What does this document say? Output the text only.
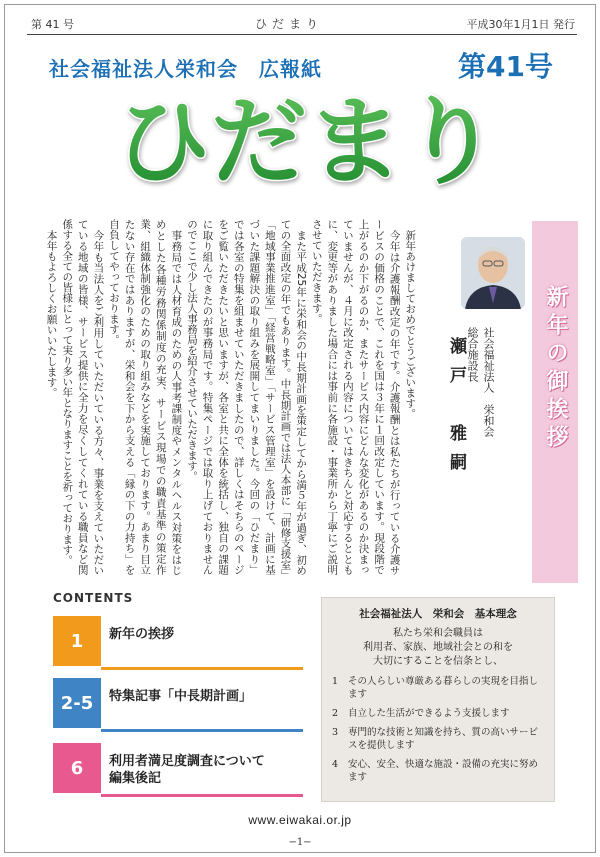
第 41 号	ひだまり	平成30年1月1日 発行
社会福祉法人栄和会　広報紙	第41号
ひだまり

新年あけましておめでとうございます。

今年は介護報酬改定の年です。介護報酬とは私たちが行っている介護サービスの価格のことで、これを国は３年に１回改定しています。現段階で上がるのか下がるのか、またサービス内容にどんな変化があるのか決まっていませんが、４月に改定される内容についてはきちんと対応するとともに、変更等がありました場合には事前に各施設・事業所から丁寧にご説明させていただきます。

また平成25年に栄和会の中長期計画を策定してから満５年が過ぎ、初めての全面改定の年でもあります。中長期計画では法人本部に「研修支援室」「地域事業推進室」「経営戦略室」「サービス管理室」を設けて、計画に基づいた課題解決の取り組みを展開してまいりました。今回の「ひだまり」では各室の特集を組ませていただきましたので、詳しくはそちらのページをご覧いただきたいと思いますが、各室と共に全体を統括し、独自の課題に取り組んできたのが事務局です。特集ページでは取り上げておりませんのでここで少し法人事務局を紹介させていただきます。

事務局では人材育成のための人事考課制度やメンタルヘルス対策をはじめとした各種労務関係制度の充実、サービス現場での職責基準の策定作業、組織体制強化のための取り組みなどを実施しております。あまり目立たない存在ではありますが、栄和会を下から支える「縁の下の力持ち」を自負してやっております。

今年も当法人をご利用していただいている方々、事業を支えていただいている地域の皆様、サービス提供に全力を尽くしてくれている職員など関係する全ての皆様にとって実り多い年となりますことを祈っております。

本年もよろしくお願いいたします。	社会福祉法人　栄和会
総合施設長
瀬戸　雅嗣	新年の御挨拶
CONTENTS
1	新年の挨拶
2-5	特集記事「中長期計画」
6	利用者満足度調査について
編集後記
社会福祉法人　栄和会　基本理念
私たち栄和会職員は
利用者、家族、地域社会との和を
大切にすることを信条とし、
1	その人らしい尊厳ある暮らしの実現を目指します
2	自立した生活ができるよう支援します
3	専門的な技術と知識を持ち、質の高いサービスを提供します
4	安心、安全、快適な施設・設備の充実に努めます
www.eiwakai.or.jp
−1−
